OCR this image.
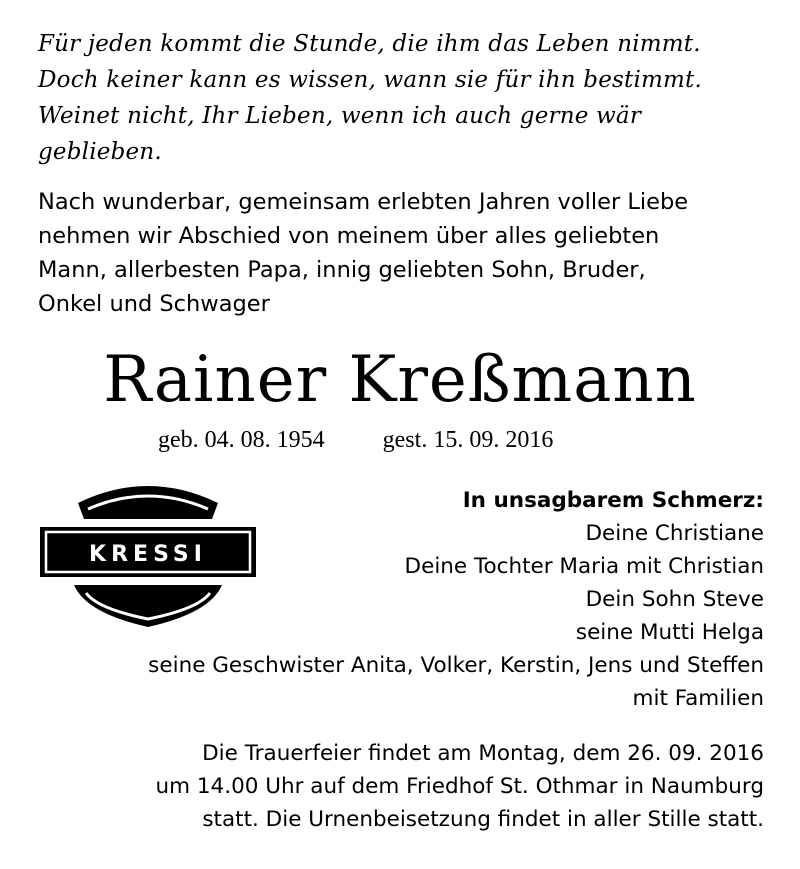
Für jeden kommt die Stunde, die ihm das Leben nimmt.
Doch keiner kann es wissen, wann sie für ihn bestimmt.
Weinet nicht, Ihr Lieben, wenn ich auch gerne wär
geblieben.
Nach wunderbar, gemeinsam erlebten Jahren voller Liebe
nehmen wir Abschied von meinem über alles geliebten
Mann, allerbesten Papa, innig geliebten Sohn, Bruder,
Onkel und Schwager
Rainer Kreßmann
geb. 04. 08. 1954 gest. 15. 09. 2016
KRESSI
In unsagbarem Schmerz:
Deine Christiane
Deine Tochter Maria mit Christian
Dein Sohn Steve
seine Mutti Helga
seine Geschwister Anita, Volker, Kerstin, Jens und Steffen
mit Familien
Die Trauerfeier findet am Montag, dem 26. 09. 2016
um 14.00 Uhr auf dem Friedhof St. Othmar in Naumburg
statt. Die Urnenbeisetzung findet in aller Stille statt.
